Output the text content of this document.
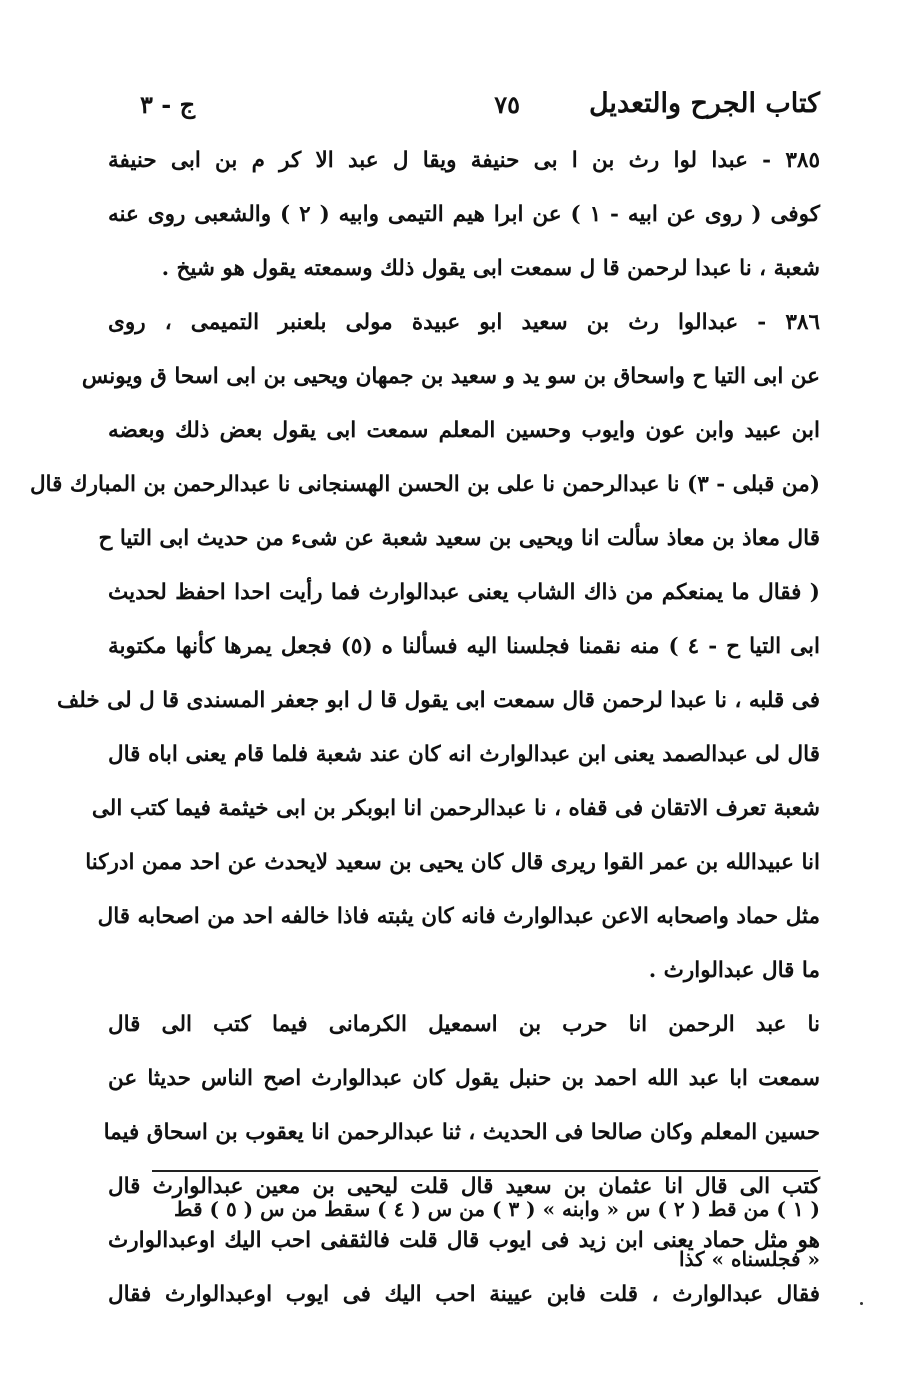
كتاب الجرح والتعديل
٧٥
ج - ٣
٣٨٥ - عبدا لوا رث بن ا بى حنيفة ويقا ل عبد الا كر م بن ابى حنيفة
كوفى ( روى عن ابيه - ١ ) عن ابرا هيم التيمى وابيه ( ٢ ) والشعبى روى عنه
شعبة ، نا عبدا لرحمن قا ل سمعت ابى يقول ذلك وسمعته يقول هو شيخ .
٣٨٦ - عبدالوا رث بن سعيد ابو عبيدة مولى بلعنبر التميمى ، روى
عن ابى التيا ح واسحاق بن سو يد و سعيد بن جمهان ويحيى بن ابى اسحا ق ويونس
ابن عبيد وابن عون وايوب وحسين المعلم سمعت ابى يقول بعض ذلك وبعضه
(من قبلى - ٣) نا عبدالرحمن نا على بن الحسن الهسنجانى نا عبدالرحمن بن المبارك قال
قال معاذ بن معاذ سألت انا ويحيى بن سعيد شعبة عن شىء من حديث ابى التيا ح
( فقال ما يمنعكم من ذاك الشاب يعنى عبدالوارث فما رأيت احدا احفظ لحديث
ابى التيا ح - ٤ ) منه نقمنا فجلسنا اليه فسألنا ه (٥) فجعل يمرها كأنها مكتوبة
فى قلبه ، نا عبدا لرحمن قال سمعت ابى يقول قا ل ابو جعفر المسندى قا ل لى خلف
قال لى عبدالصمد يعنى ابن عبدالوارث انه كان عند شعبة فلما قام يعنى اباه قال
شعبة تعرف الاتقان فى قفاه ، نا عبدالرحمن انا ابوبكر بن ابى خيثمة فيما كتب الى
انا عبيدالله بن عمر القوا ريرى قال كان يحيى بن سعيد لايحدث عن احد ممن ادركنا
مثل حماد واصحابه الاعن عبدالوارث فانه كان يثبته فاذا خالفه احد من اصحابه قال
ما قال عبدالوارث .
نا عبد الرحمن انا حرب بن اسمعيل الكرمانى فيما كتب الى قال
سمعت ابا عبد الله احمد بن حنبل يقول كان عبدالوارث اصح الناس حديثا عن
حسين المعلم وكان صالحا فى الحديث ، ثنا عبدالرحمن انا يعقوب بن اسحاق فيما
كتب الى قال انا عثمان بن سعيد قال قلت ليحيى بن معين عبدالوارث قال
هو مثل حماد يعنى ابن زيد فى ايوب قال قلت فالثقفى احب اليك اوعبدالوارث
فقال عبدالوارث ، قلت فابن عيينة احب اليك فى ايوب اوعبدالوارث فقال
( ١ ) من قط ( ٢ ) س « وابنه » ( ٣ ) من س ( ٤ ) سقط من س ( ٥ ) قط
« فجلسناه » كذا
